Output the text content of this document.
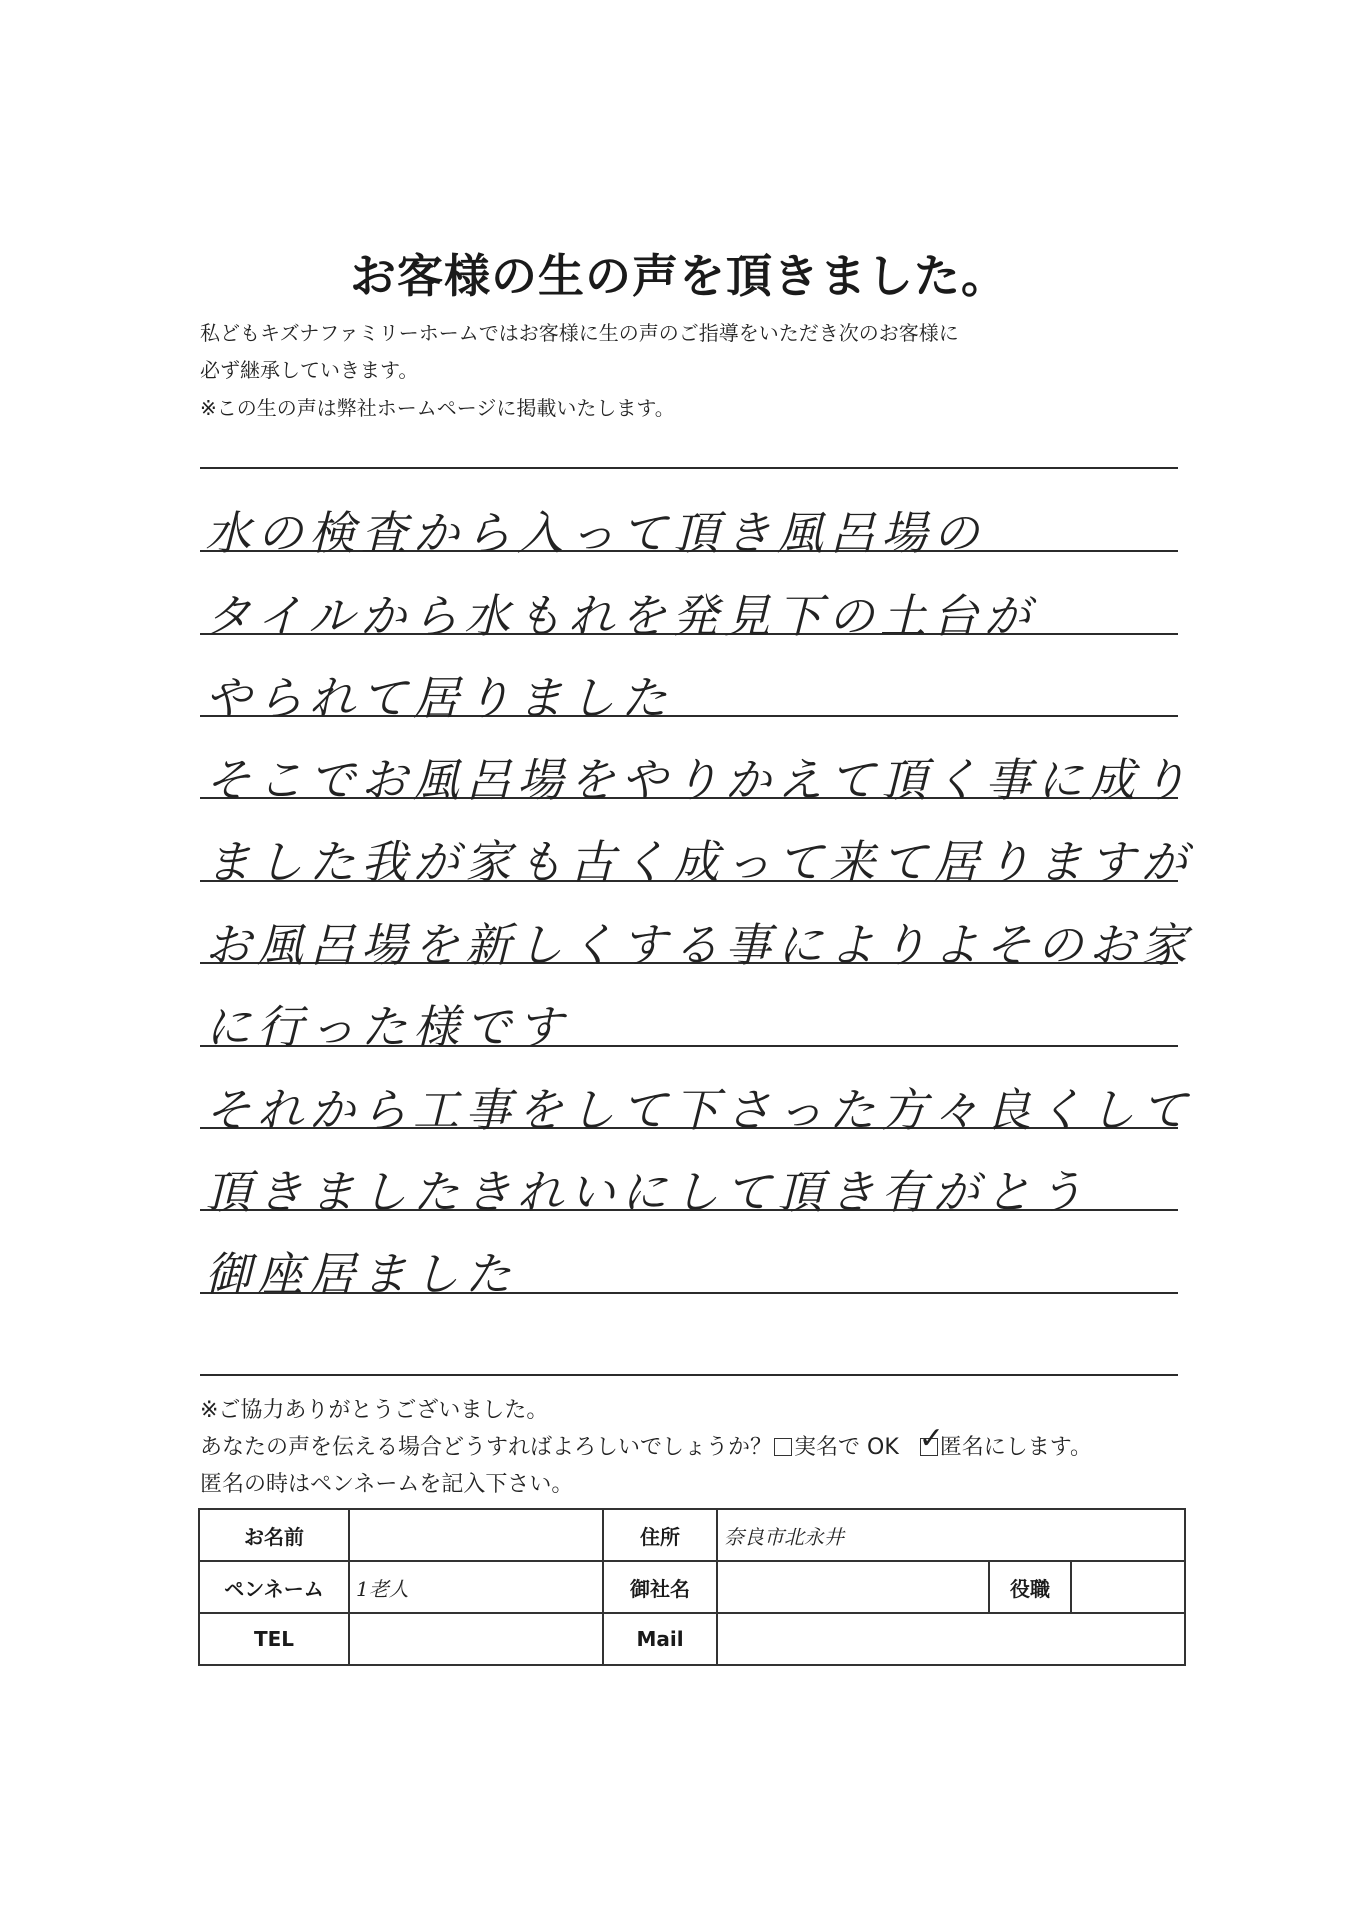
お客様の生の声を頂きました。
私どもキズナファミリーホームではお客様に生の声のご指導をいただき次のお客様に
必ず継承していきます。
※この生の声は弊社ホームページに掲載いたします。
水の検査から入って頂き風呂場の
タイルから水もれを発見下の土台が
やられて居りました
そこでお風呂場をやりかえて頂く事に成り
ました我が家も古く成って来て居りますが
お風呂場を新しくする事によりよそのお家
に行った様です
それから工事をして下さった方々良くして
頂きましたきれいにして頂き有がとう
御座居ました
※ご協力ありがとうございました。
あなたの声を伝える場合どうすればよろしいでしょうか？ 実名で OK ✓
匿名にします。
匿名の時はペンネームを記入下さい。
お名前		住所	奈良市北永井		
ペンネーム	1老人	御社名		役職	
TEL		Mail			
